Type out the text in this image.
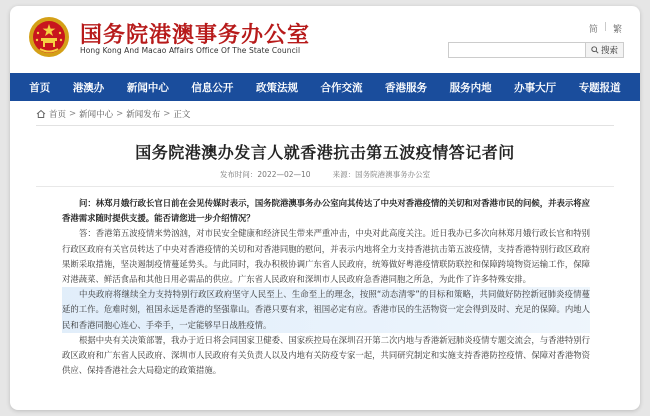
国务院港澳事务办公室
Hong Kong And Macao Affairs Office Of The State Council
简 | 繁
搜索
首页 港澳办 新闻中心 信息公开 政策法规 合作交流 香港服务 服务内地 办事大厅 专题报道
首页 > 新闻中心 > 新闻发布 > 正文
国务院港澳办发言人就香港抗击第五波疫情答记者问
发布时间：2022—02—10	来源：国务院港澳事务办公室

问：林郑月娥行政长官日前在会见传媒时表示，国务院港澳事务办公室向其传达了中央对香港疫情的关切和对香港市民的问候，并表示将应香港需求随时提供支援。能否请您进一步介绍情况？

答：香港第五波疫情来势汹汹，对市民安全健康和经济民生带来严重冲击，中央对此高度关注。近日我办已多次向林郑月娥行政长官和特别行政区政府有关官员转达了中央对香港疫情的关切和对香港同胞的慰问，并表示内地将全力支持香港抗击第五波疫情，支持香港特别行政区政府果断采取措施，坚决遏制疫情蔓延势头。与此同时，我办积极协调广东省人民政府，统筹做好粤港疫情联防联控和保障跨境物资运输工作，保障对港蔬菜、鲜活食品和其他日用必需品的供应。广东省人民政府和深圳市人民政府急香港同胞之所急，为此作了许多特殊安排。

中央政府将继续全力支持特别行政区政府坚守人民至上、生命至上的理念，按照“动态清零”的目标和策略，共同做好防控新冠肺炎疫情蔓延的工作。危难时刻，祖国永远是香港的坚强靠山。香港只要有求，祖国必定有应。香港市民的生活物资一定会得到及时、充足的保障。内地人民和香港同胞心连心、手牵手，一定能够早日战胜疫情。

根据中央有关决策部署，我办于近日将会同国家卫健委、国家疾控局在深圳召开第二次内地与香港新冠肺炎疫情专题交流会，与香港特别行政区政府和广东省人民政府、深圳市人民政府有关负责人以及内地有关防疫专家一起，共同研究制定和实施支持香港防控疫情、保障对香港物资供应、保持香港社会大局稳定的政策措施。
